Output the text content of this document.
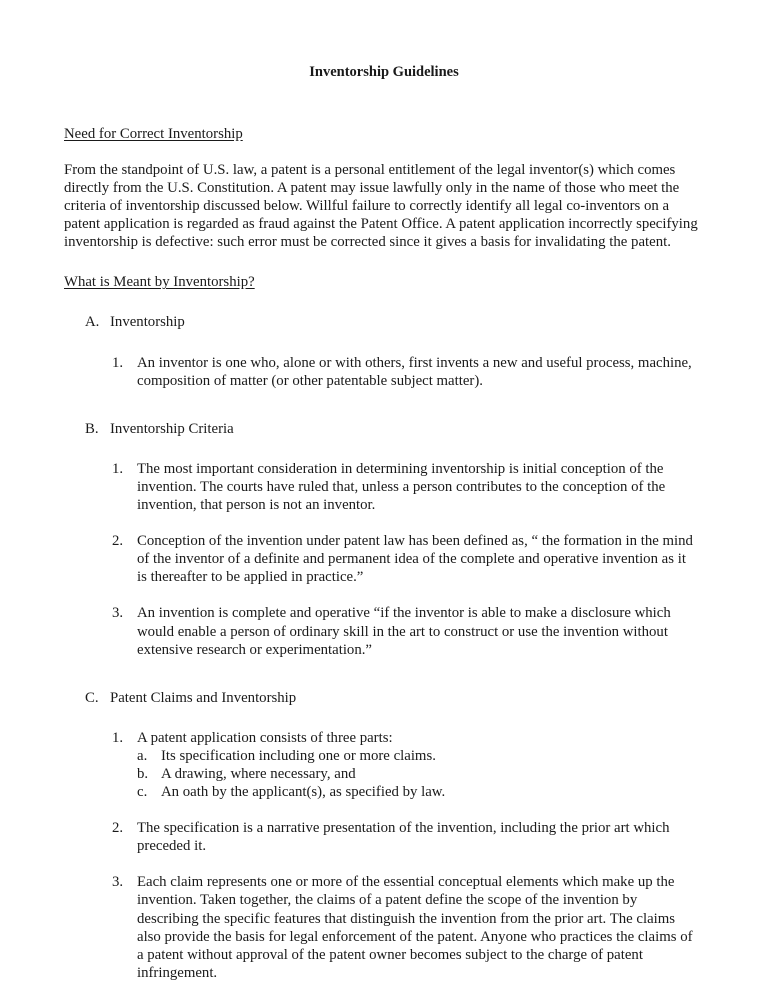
Inventorship Guidelines
Need for Correct Inventorship

From the standpoint of U.S. law, a patent is a personal entitlement of the legal inventor(s) which comes directly from the U.S. Constitution. A patent may issue lawfully only in the name of those who meet the criteria of inventorship discussed below. Willful failure to correctly identify all legal co-inventors on a patent application is regarded as fraud against the Patent Office. A patent application incorrectly specifying inventorship is defective: such error must be corrected since it gives a basis for invalidating the patent.

What is Meant by Inventorship?
A. Inventorship
1. An inventor is one who, alone or with others, first invents a new and useful process, machine, composition of matter (or other patentable subject matter).
B. Inventorship Criteria
1. The most important consideration in determining inventorship is initial conception of the invention. The courts have ruled that, unless a person contributes to the conception of the invention, that person is not an inventor.
2. Conception of the invention under patent law has been defined as, “ the formation in the mind of the inventor of a definite and permanent idea of the complete and operative invention as it is thereafter to be applied in practice.”
3. An invention is complete and operative “if the inventor is able to make a disclosure which would enable a person of ordinary skill in the art to construct or use the invention without extensive research or experimentation.”
C. Patent Claims and Inventorship
1. A patent application consists of three parts:
a. Its specification including one or more claims.
b. A drawing, where necessary, and
c. An oath by the applicant(s), as specified by law.
2. The specification is a narrative presentation of the invention, including the prior art which preceded it.
3. Each claim represents one or more of the essential conceptual elements which make up the invention. Taken together, the claims of a patent define the scope of the invention by describing the specific features that distinguish the invention from the prior art. The claims also provide the basis for legal enforcement of the patent. Anyone who practices the claims of a patent without approval of the patent owner becomes subject to the charge of patent infringement.
